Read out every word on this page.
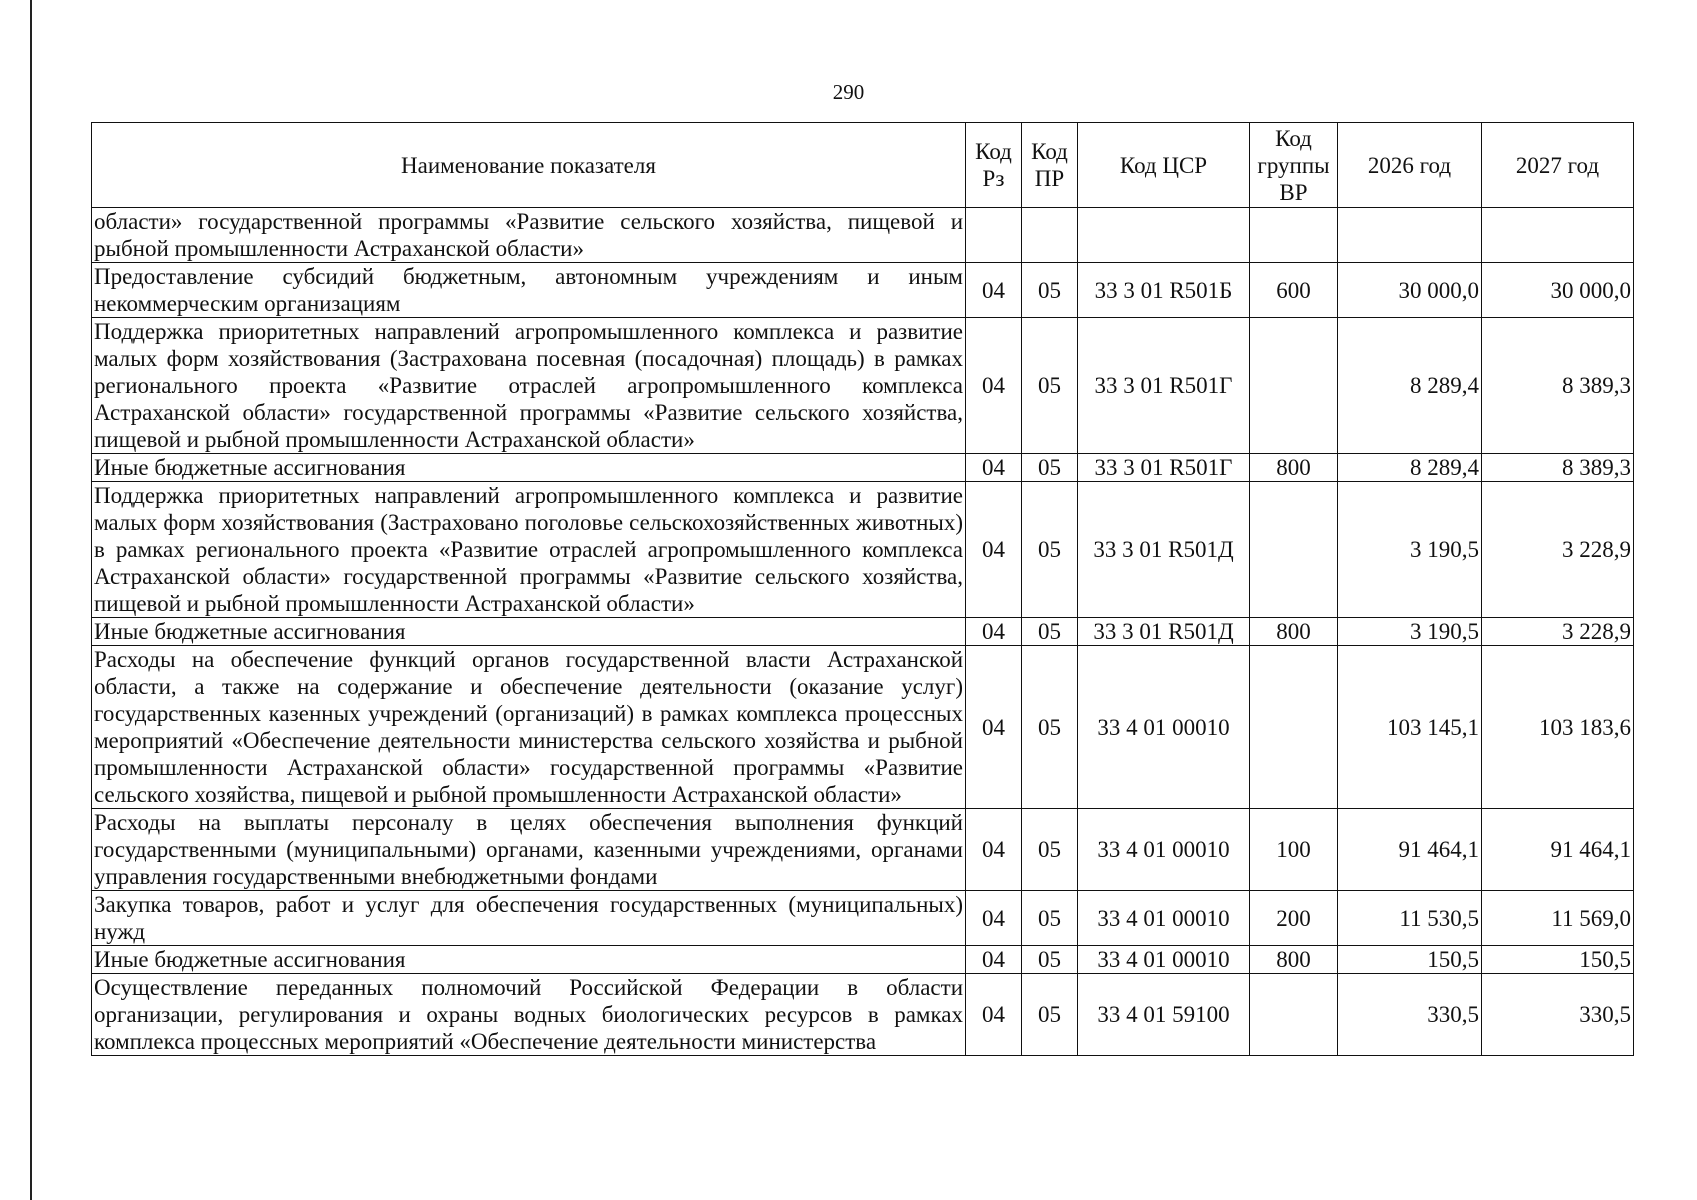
290
Наименование показателя	Код Рз	Код ПР	Код ЦСР	Код группы ВР	2026 год	2027 год
области» государственной программы «Развитие сельского хозяйства, пищевой и рыбной промышленности Астраханской области»						
Предоставление субсидий бюджетным, автономным учреждениям и иным некоммерческим организациям	04	05	33 3 01 R501Б	600	30 000,0	30 000,0
Поддержка приоритетных направлений агропромышленного комплекса и развитие малых форм хозяйствования (Застрахована посевная (посадочная) площадь) в рамках регионального проекта «Развитие отраслей агропромышленного комплекса Астраханской области» государственной программы «Развитие сельского хозяйства, пищевой и рыбной промышленности Астраханской области»	04	05	33 3 01 R501Г		8 289,4	8 389,3
Иные бюджетные ассигнования	04	05	33 3 01 R501Г	800	8 289,4	8 389,3
Поддержка приоритетных направлений агропромышленного комплекса и развитие малых форм хозяйствования (Застраховано поголовье сельскохозяйственных животных) в рамках регионального проекта «Развитие отраслей агропромышленного комплекса Астраханской области» государственной программы «Развитие сельского хозяйства, пищевой и рыбной промышленности Астраханской области»	04	05	33 3 01 R501Д		3 190,5	3 228,9
Иные бюджетные ассигнования	04	05	33 3 01 R501Д	800	3 190,5	3 228,9
Расходы на обеспечение функций органов государственной власти Астраханской области, а также на содержание и обеспечение деятельности (оказание услуг) государственных казенных учреждений (организаций) в рамках комплекса процессных мероприятий «Обеспечение деятельности министерства сельского хозяйства и рыбной промышленности Астраханской области» государственной программы «Развитие сельского хозяйства, пищевой и рыбной промышленности Астраханской области»	04	05	33 4 01 00010		103 145,1	103 183,6
Расходы на выплаты персоналу в целях обеспечения выполнения функций государственными (муниципальными) органами, казенными учреждениями, органами управления государственными внебюджетными фондами	04	05	33 4 01 00010	100	91 464,1	91 464,1
Закупка товаров, работ и услуг для обеспечения государственных (муниципальных) нужд	04	05	33 4 01 00010	200	11 530,5	11 569,0
Иные бюджетные ассигнования	04	05	33 4 01 00010	800	150,5	150,5
Осуществление переданных полномочий Российской Федерации в области организации, регулирования и охраны водных биологических ресурсов в рамках комплекса процессных мероприятий «Обеспечение деятельности министерства	04	05	33 4 01 59100		330,5	330,5
